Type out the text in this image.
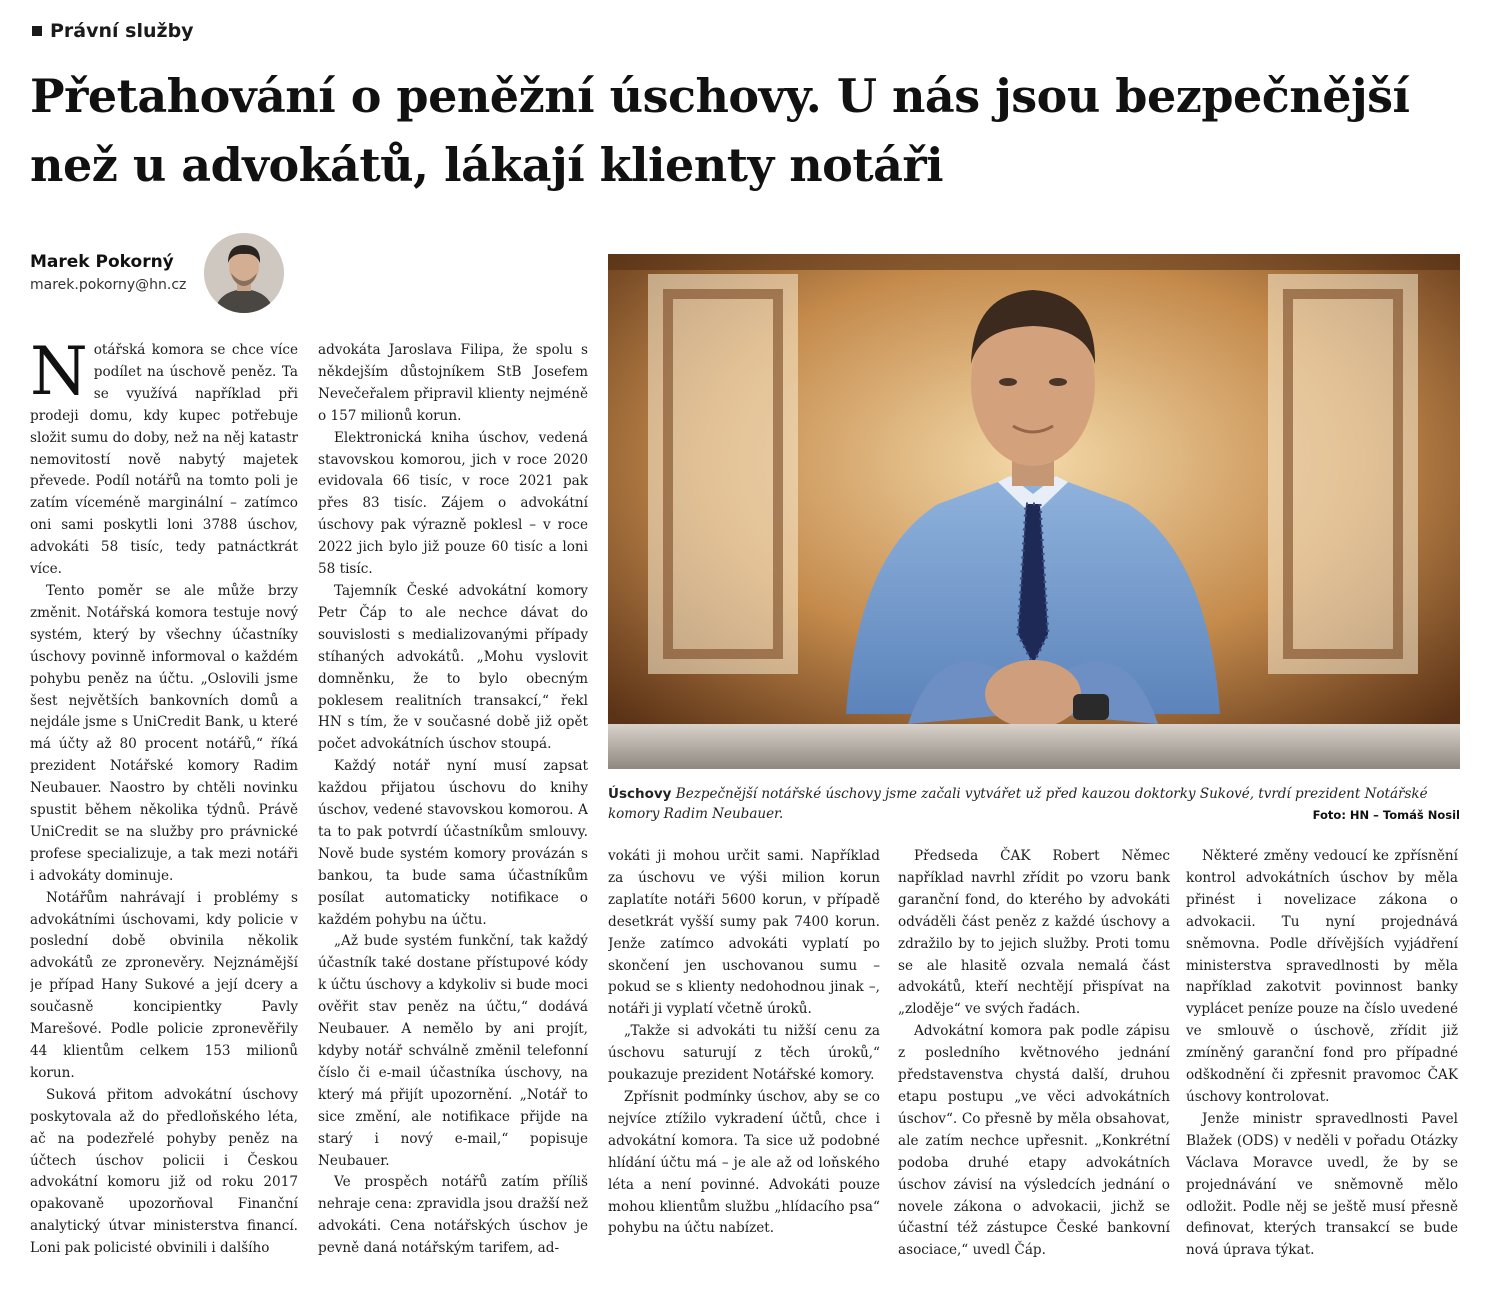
Právní služby
Přetahování o peněžní úschovy. U nás jsou bezpečnější než u advokátů, lákají klienty notáři
Marek Pokorný
marek.pokorny@hn.cz
Úschovy Bezpečnější notářské úschovy jsme začali vytvářet už před kauzou doktorky Sukové, tvrdí prezident Notářské komory Radim Neubauer.	Foto: HN – Tomáš Nosil

Notářská komora se chce více podílet na úschově peněz. Ta se využívá například při prodeji domu, kdy kupec potřebuje složit sumu do doby, než na něj katastr nemovitostí nově nabytý majetek převede. Podíl notářů na tomto poli je zatím víceméně marginální – zatímco oni sami poskytli loni 3788 úschov, advokáti 58 tisíc, tedy patnáctkrát více.

Tento poměr se ale může brzy změnit. Notářská komora testuje nový systém, který by všechny účastníky úschovy povinně informoval o každém pohybu peněz na účtu. „Oslovili jsme šest největších bankovních domů a nejdále jsme s UniCredit Bank, u které má účty až 80 procent notářů,“ říká prezident Notářské komory Radim Neubauer. Naostro by chtěli novinku spustit během několika týdnů. Právě UniCredit se na služby pro právnické profese specializuje, a tak mezi notáři i advokáty dominuje.

Notářům nahrávají i problémy s advokátními úschovami, kdy policie v poslední době obvinila několik advokátů ze zpronevěry. Nejznámější je případ Hany Sukové a její dcery a současně koncipientky Pavly Marešové. Podle policie zpronevěřily 44 klientům celkem 153 milionů korun.

Suková přitom advokátní úschovy poskytovala až do předloňského léta, ač na podezřelé pohyby peněz na účtech úschov policii i Českou advokátní komoru již od roku 2017 opakovaně upozorňoval Finanční analytický útvar ministerstva financí. Loni pak policisté obvinili i dalšího

advokáta Jaroslava Filipa, že spolu s někdejším důstojníkem StB Josefem Nevečeřalem připravil klienty nejméně o 157 milionů korun.

Elektronická kniha úschov, vedená stavovskou komorou, jich v roce 2020 evidovala 66 tisíc, v roce 2021 pak přes 83 tisíc. Zájem o advokátní úschovy pak výrazně poklesl – v roce 2022 jich bylo již pouze 60 tisíc a loni 58 tisíc.

Tajemník České advokátní komory Petr Čáp to ale nechce dávat do souvislosti s medializovanými případy stíhaných advokátů. „Mohu vyslovit domněnku, že to bylo obecným poklesem realitních transakcí,“ řekl HN s tím, že v současné době již opět počet advokátních úschov stoupá.

Každý notář nyní musí zapsat každou přijatou úschovu do knihy úschov, vedené stavovskou komorou. A ta to pak potvrdí účastníkům smlouvy. Nově bude systém komory provázán s bankou, ta bude sama účastníkům posílat automaticky notifikace o každém pohybu na účtu.

„Až bude systém funkční, tak každý účastník také dostane přístupové kódy k účtu úschovy a kdykoliv si bude moci ověřit stav peněz na účtu,“ dodává Neubauer. A nemělo by ani projít, kdyby notář schválně změnil telefonní číslo či e-mail účastníka úschovy, na který má přijít upozornění. „Notář to sice změní, ale notifikace přijde na starý i nový e-mail,“ popisuje Neubauer.

Ve prospěch notářů zatím příliš nehraje cena: zpravidla jsou dražší než advokáti. Cena notářských úschov je pevně daná notářským tarifem, ad-

vokáti ji mohou určit sami. Například za úschovu ve výši milion korun zaplatíte notáři 5600 korun, v případě desetkrát vyšší sumy pak 7400 korun. Jenže zatímco advokáti vyplatí po skončení jen uschovanou sumu – pokud se s klienty nedohodnou jinak –, notáři ji vyplatí včetně úroků.

„Takže si advokáti tu nižší cenu za úschovu saturují z těch úroků,“ poukazuje prezident Notářské komory.

Zpřísnit podmínky úschov, aby se co nejvíce ztížilo vykradení účtů, chce i advokátní komora. Ta sice už podobné hlídání účtu má – je ale až od loňského léta a není povinné. Advokáti pouze mohou klientům službu „hlídacího psa“ pohybu na účtu nabízet.

Předseda ČAK Robert Němec například navrhl zřídit po vzoru bank garanční fond, do kterého by advokáti odváděli část peněz z každé úschovy a zdražilo by to jejich služby. Proti tomu se ale hlasitě ozvala nemalá část advokátů, kteří nechtějí přispívat na „zloděje“ ve svých řadách.

Advokátní komora pak podle zápisu z posledního květnového jednání představenstva chystá další, druhou etapu postupu „ve věci advokátních úschov“. Co přesně by měla obsahovat, ale zatím nechce upřesnit. „Konkrétní podoba druhé etapy advokátních úschov závisí na výsledcích jednání o novele zákona o advokacii, jichž se účastní též zástupce České bankovní asociace,“ uvedl Čáp.

Některé změny vedoucí ke zpřísnění kontrol advokátních úschov by měla přinést i novelizace zákona o advokacii. Tu nyní projednává sněmovna. Podle dřívějších vyjádření ministerstva spravedlnosti by měla například zakotvit povinnost banky vyplácet peníze pouze na číslo uvedené ve smlouvě o úschově, zřídit již zmíněný garanční fond pro případné odškodnění či zpřesnit pravomoc ČAK úschovy kontrolovat.

Jenže ministr spravedlnosti Pavel Blažek (ODS) v neděli v pořadu Otázky Václava Moravce uvedl, že by se projednávání ve sněmovně mělo odložit. Podle něj se ještě musí přesně definovat, kterých transakcí se bude nová úprava týkat.
